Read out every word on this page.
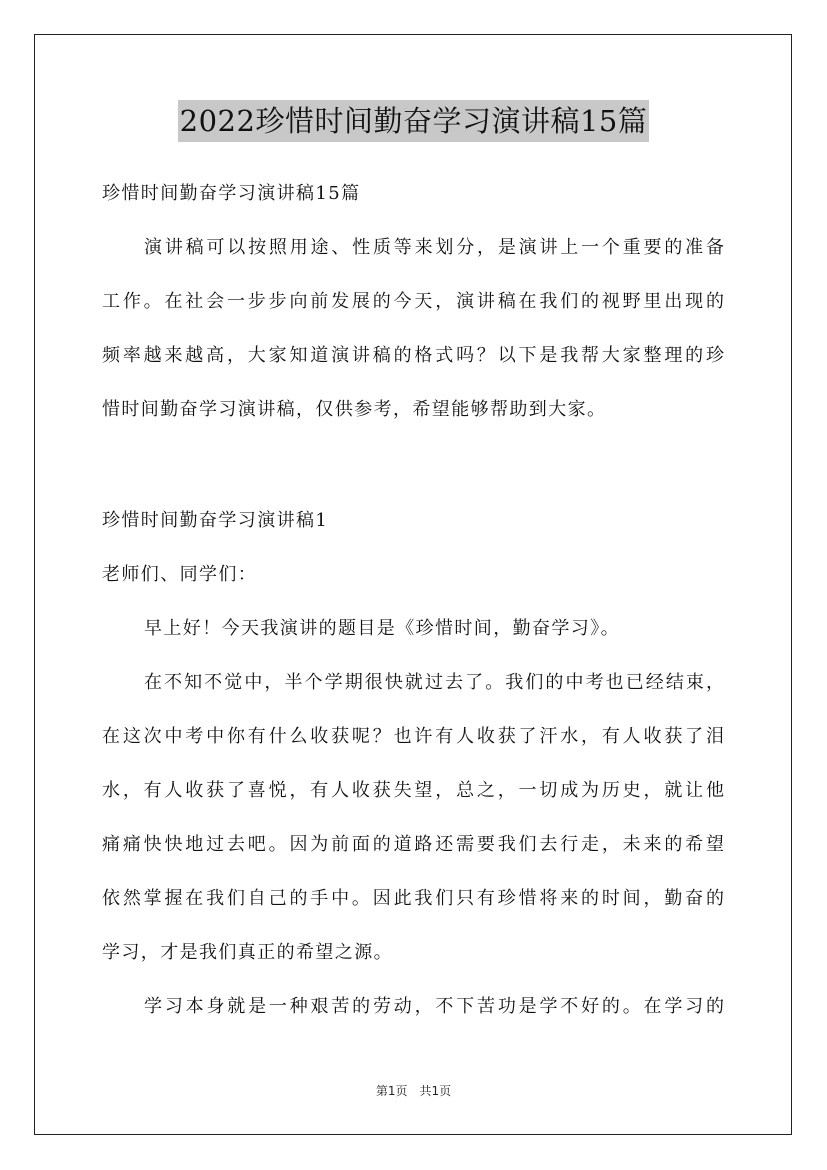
2022珍惜时间勤奋学习演讲稿15篇
珍惜时间勤奋学习演讲稿15篇
演讲稿可以按照用途、性质等来划分，是演讲上一个重要的准备
工作。在社会一步步向前发展的今天，演讲稿在我们的视野里出现的
频率越来越高，大家知道演讲稿的格式吗？以下是我帮大家整理的珍
惜时间勤奋学习演讲稿，仅供参考，希望能够帮助到大家。
珍惜时间勤奋学习演讲稿1
老师们、同学们：
早上好！今天我演讲的题目是《珍惜时间，勤奋学习》。
在不知不觉中，半个学期很快就过去了。我们的中考也已经结束，
在这次中考中你有什么收获呢？也许有人收获了汗水，有人收获了泪
水，有人收获了喜悦，有人收获失望，总之，一切成为历史，就让他
痛痛快快地过去吧。因为前面的道路还需要我们去行走，未来的希望
依然掌握在我们自己的手中。因此我们只有珍惜将来的时间，勤奋的
学习，才是我们真正的希望之源。
学习本身就是一种艰苦的劳动，不下苦功是学不好的。在学习的
第1页　共1页
